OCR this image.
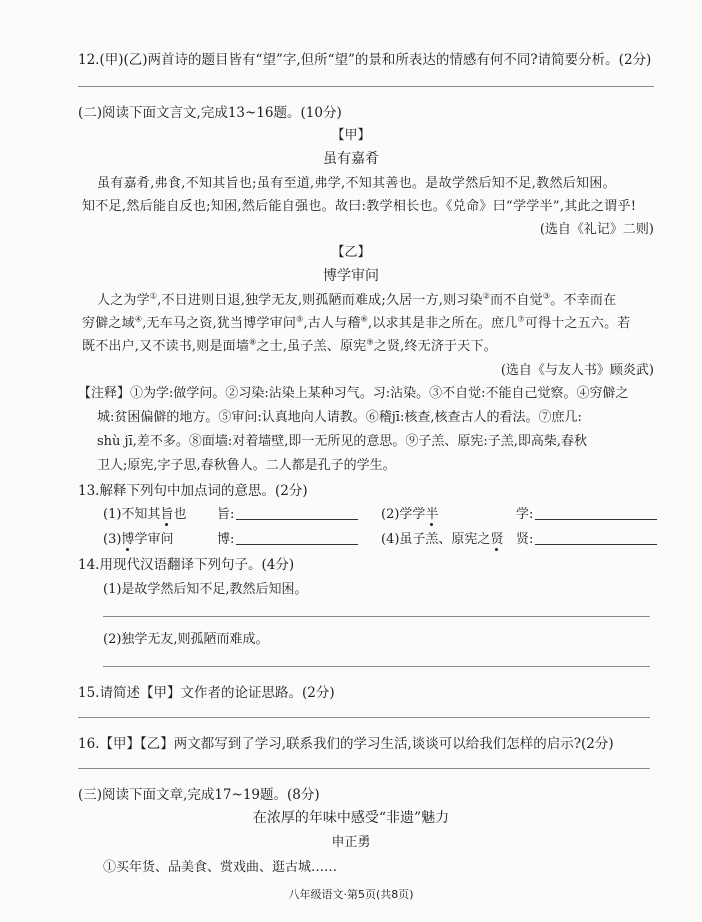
12.(甲)(乙)两首诗的题目皆有“望”字,但所“望”的景和所表达的情感有何不同?请简要分析。(2分)
(二)阅读下面文言文,完成13~16题。(10分)
【甲】
虽有嘉肴
虽有嘉肴,弗食,不知其旨也;虽有至道,弗学,不知其善也。是故学然后知不足,教然后知困。
知不足,然后能自反也;知困,然后能自强也。故曰:教学相长也。《兑命》曰“学学半”,其此之谓乎!
(选自《礼记》二则)
【乙】
博学审问
人之为学①,不日进则日退,独学无友,则孤陋而难成;久居一方,则习染②而不自觉③。不幸而在
穷僻之域④,无车马之资,犹当博学审问⑤,古人与稽⑥,以求其是非之所在。庶几⑦可得十之五六。若
既不出户,又不读书,则是面墙⑧之士,虽子羔、原宪⑨之贤,终无济于天下。
(选自《与友人书》顾炎武)
【注释】①为学:做学问。②习染:沾染上某种习气。习:沾染。③不自觉:不能自己觉察。④穷僻之
城:贫困偏僻的地方。⑤审问:认真地向人请教。⑥稽jī:核查,核查古人的看法。⑦庶几:
shù jī,差不多。⑧面墙:对着墙壁,即一无所见的意思。⑨子羔、原宪:子羔,即高柴,春秋
卫人;原宪,字子思,春秋鲁人。二人都是孔子的学生。
13.解释下列句中加点词的意思。(2分)
(1)不知其旨也 旨:	(2)学学半	学:
(3)博学审问	博:	(4)虽子羔、原宪之贤 贤:
14.用现代汉语翻译下列句子。(4分)
(1)是故学然后知不足,教然后知困。
(2)独学无友,则孤陋而难成。
15.请简述【甲】文作者的论证思路。(2分)
16.【甲】【乙】两文都写到了学习,联系我们的学习生活,谈谈可以给我们怎样的启示?(2分)
(三)阅读下面文章,完成17~19题。(8分)
在浓厚的年味中感受“非遗”魅力
申正勇
①买年货、品美食、赏戏曲、逛古城……
八年级语文·第5页(共8页)
